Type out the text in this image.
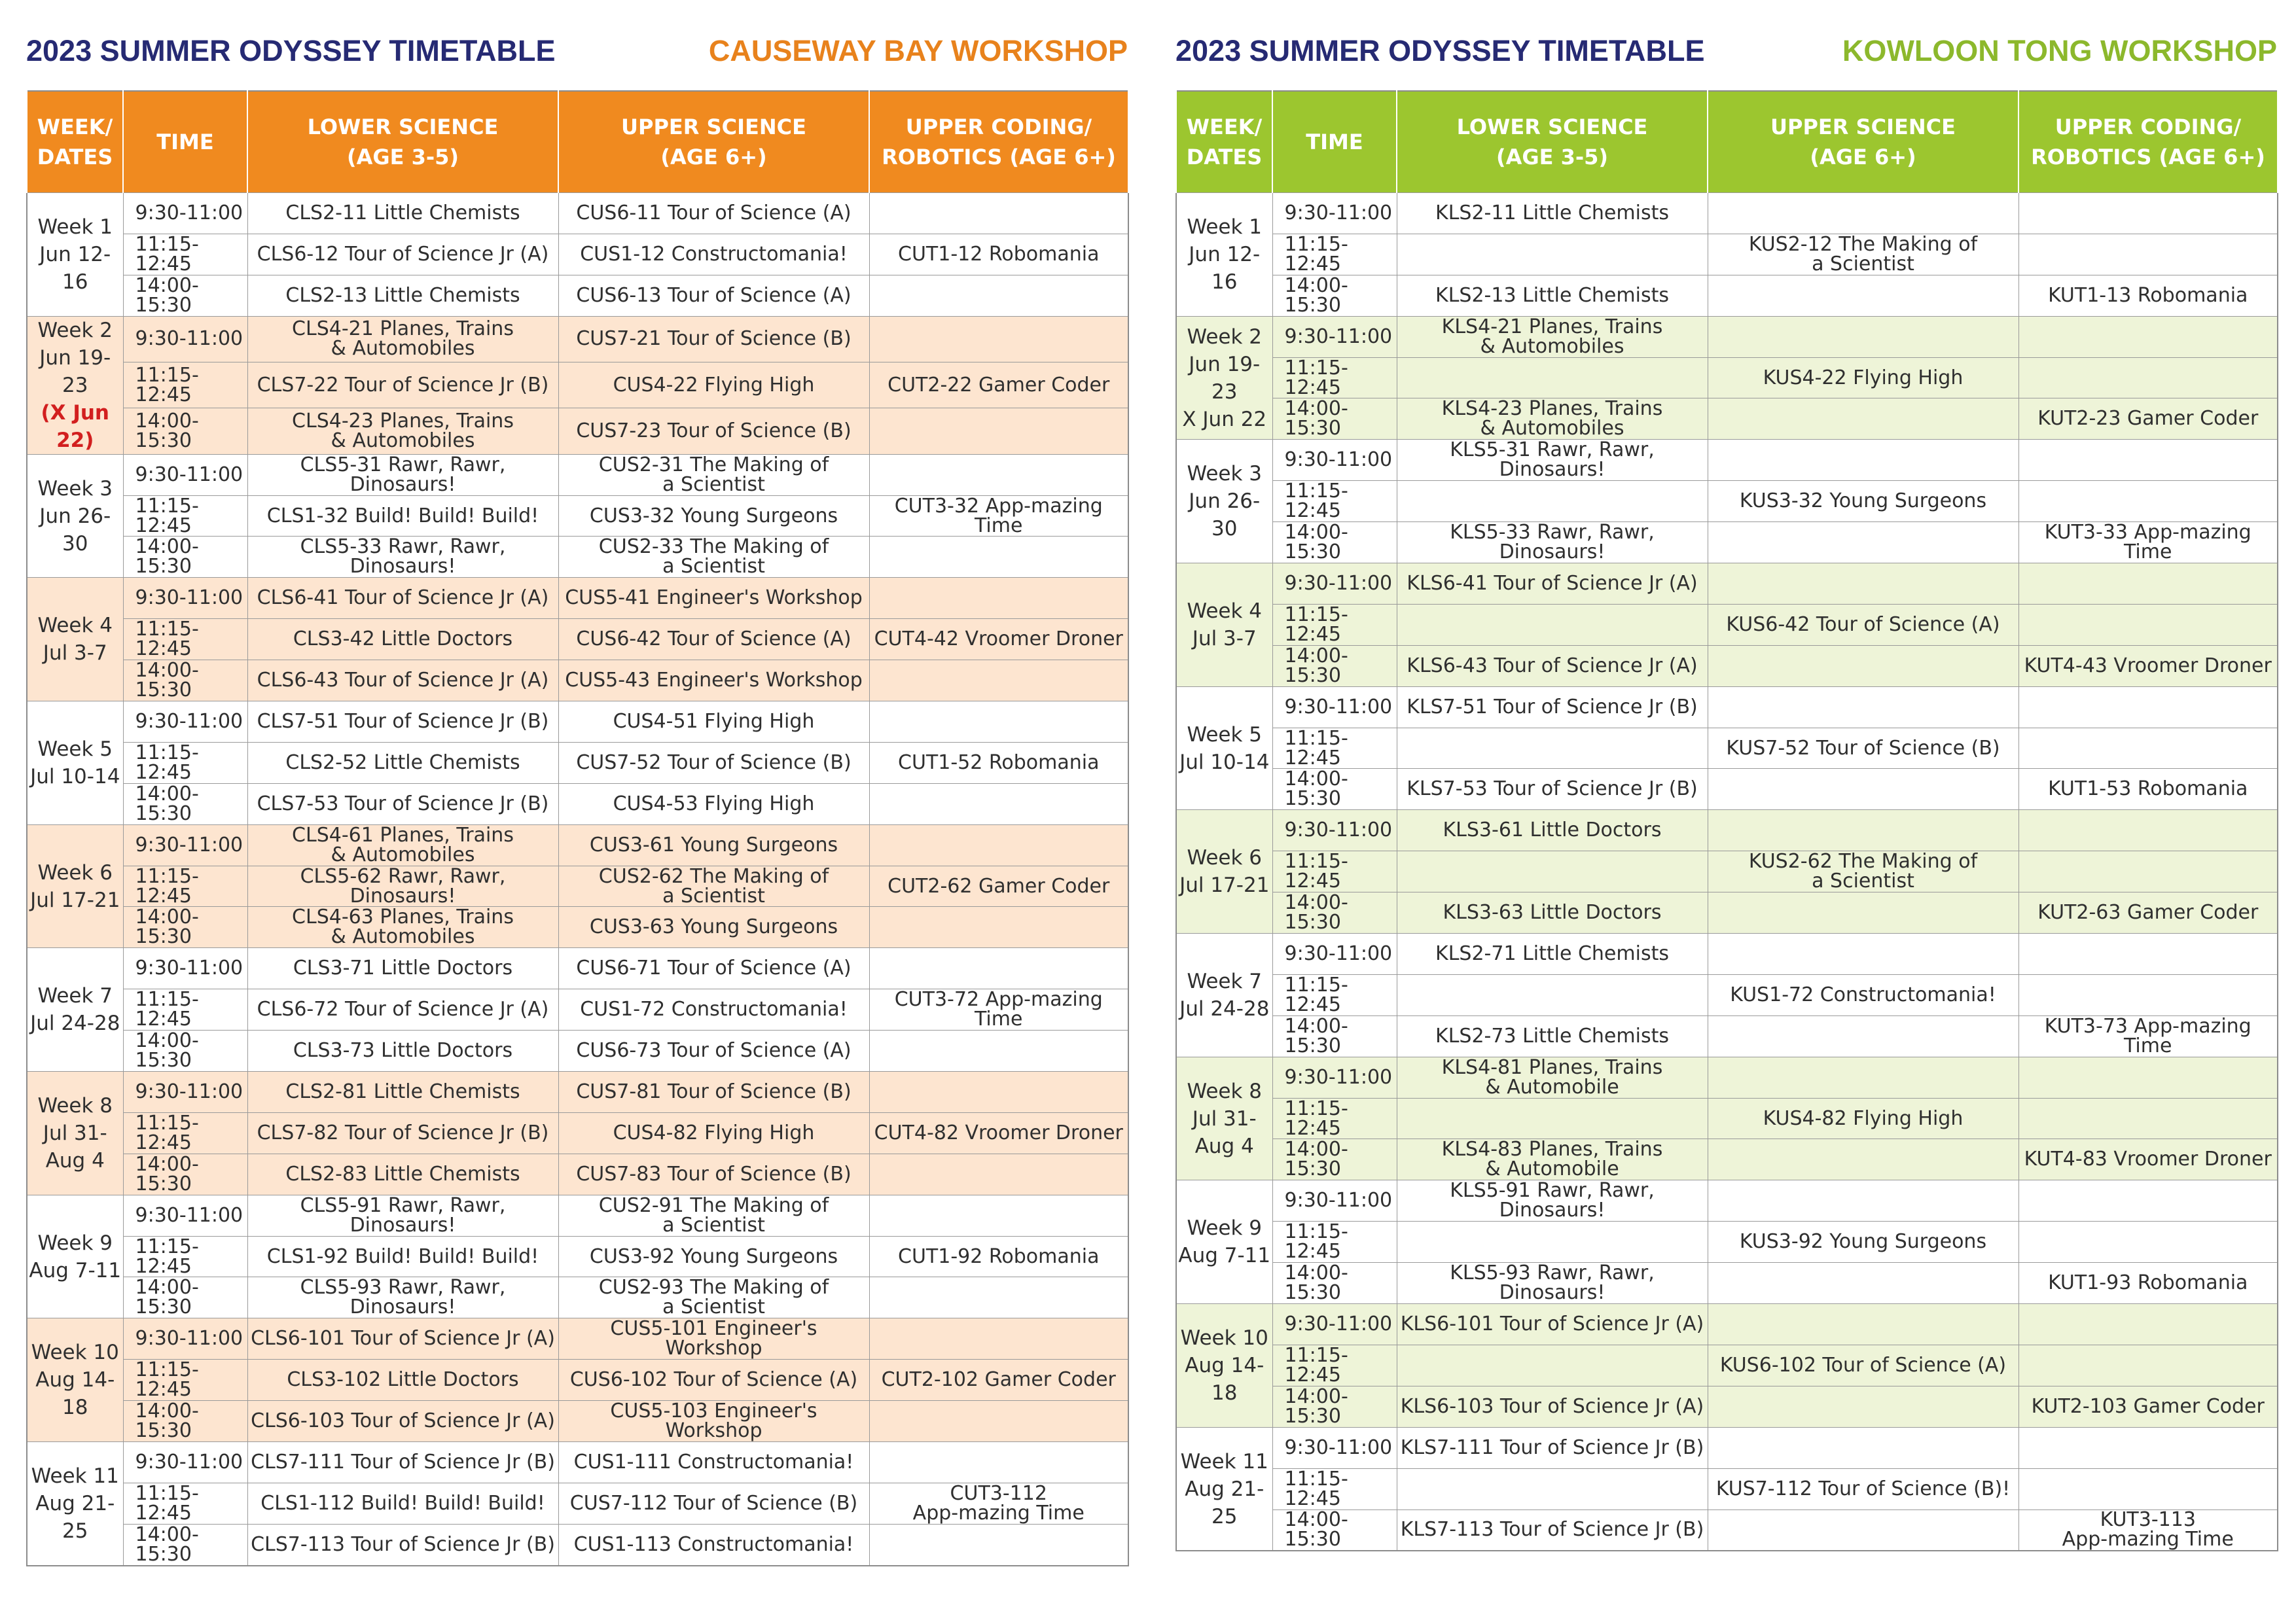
2023 SUMMER ODYSSEY TIMETABLE	CAUSEWAY BAY WORKSHOP
WEEK/
DATES	TIME	LOWER SCIENCE
(AGE 3-5)	UPPER SCIENCE
(AGE 6+)	UPPER CODING/
ROBOTICS (AGE 6+)
Week 1
Jun 12-16	9:30-11:00	CLS2-11 Little Chemists	CUS6-11 Tour of Science (A)	
	11:15-12:45	CLS6-12 Tour of Science Jr (A)	CUS1-12 Constructomania!	CUT1-12 Robomania
	14:00-15:30	CLS2-13 Little Chemists	CUS6-13 Tour of Science (A)	
Week 2
Jun 19-23
(X Jun 22)	9:30-11:00	CLS4-21 Planes, Trains
& Automobiles	CUS7-21 Tour of Science (B)	
	11:15-12:45	CLS7-22 Tour of Science Jr (B)	CUS4-22 Flying High	CUT2-22 Gamer Coder
	14:00-15:30	CLS4-23 Planes, Trains
& Automobiles	CUS7-23 Tour of Science (B)	
Week 3
Jun 26-30	9:30-11:00	CLS5-31 Rawr, Rawr, Dinosaurs!	CUS2-31 The Making of
a Scientist	
	11:15-12:45	CLS1-32 Build! Build! Build!	CUS3-32 Young Surgeons	CUT3-32 App-mazing Time
	14:00-15:30	CLS5-33 Rawr, Rawr, Dinosaurs!	CUS2-33 The Making of
a Scientist	
Week 4
Jul 3-7	9:30-11:00	CLS6-41 Tour of Science Jr (A)	CUS5-41 Engineer's Workshop	
	11:15-12:45	CLS3-42 Little Doctors	CUS6-42 Tour of Science (A)	CUT4-42 Vroomer Droner
	14:00-15:30	CLS6-43 Tour of Science Jr (A)	CUS5-43 Engineer's Workshop	
Week 5
Jul 10-14	9:30-11:00	CLS7-51 Tour of Science Jr (B)	CUS4-51 Flying High	
	11:15-12:45	CLS2-52 Little Chemists	CUS7-52 Tour of Science (B)	CUT1-52 Robomania
	14:00-15:30	CLS7-53 Tour of Science Jr (B)	CUS4-53 Flying High	
Week 6
Jul 17-21	9:30-11:00	CLS4-61 Planes, Trains
& Automobiles	CUS3-61 Young Surgeons	
	11:15-12:45	CLS5-62 Rawr, Rawr, Dinosaurs!	CUS2-62 The Making of
a Scientist	CUT2-62 Gamer Coder
	14:00-15:30	CLS4-63 Planes, Trains
& Automobiles	CUS3-63 Young Surgeons	
Week 7
Jul 24-28	9:30-11:00	CLS3-71 Little Doctors	CUS6-71 Tour of Science (A)	
	11:15-12:45	CLS6-72 Tour of Science Jr (A)	CUS1-72 Constructomania!	CUT3-72 App-mazing Time
	14:00-15:30	CLS3-73 Little Doctors	CUS6-73 Tour of Science (A)	
Week 8
Jul 31-
Aug 4	9:30-11:00	CLS2-81 Little Chemists	CUS7-81 Tour of Science (B)	
	11:15-12:45	CLS7-82 Tour of Science Jr (B)	CUS4-82 Flying High	CUT4-82 Vroomer Droner
	14:00-15:30	CLS2-83 Little Chemists	CUS7-83 Tour of Science (B)	
Week 9
Aug 7-11	9:30-11:00	CLS5-91 Rawr, Rawr, Dinosaurs!	CUS2-91 The Making of
a Scientist	
	11:15-12:45	CLS1-92 Build! Build! Build!	CUS3-92 Young Surgeons	CUT1-92 Robomania
	14:00-15:30	CLS5-93 Rawr, Rawr, Dinosaurs!	CUS2-93 The Making of
a Scientist	
Week 10
Aug 14-18	9:30-11:00	CLS6-101 Tour of Science Jr (A)	CUS5-101 Engineer's Workshop	
	11:15-12:45	CLS3-102 Little Doctors	CUS6-102 Tour of Science (A)	CUT2-102 Gamer Coder
	14:00-15:30	CLS6-103 Tour of Science Jr (A)	CUS5-103 Engineer's Workshop	
Week 11
Aug 21-25	9:30-11:00	CLS7-111 Tour of Science Jr (B)	CUS1-111 Constructomania!	
	11:15-12:45	CLS1-112 Build! Build! Build!	CUS7-112 Tour of Science (B)	CUT3-112
App-mazing Time
	14:00-15:30	CLS7-113 Tour of Science Jr (B)	CUS1-113 Constructomania!	
2023 SUMMER ODYSSEY TIMETABLE	KOWLOON TONG WORKSHOP
WEEK/
DATES	TIME	LOWER SCIENCE
(AGE 3-5)	UPPER SCIENCE
(AGE 6+)	UPPER CODING/
ROBOTICS (AGE 6+)
Week 1
Jun 12-16	9:30-11:00	KLS2-11 Little Chemists		
	11:15-12:45		KUS2-12 The Making of
a Scientist	
	14:00-15:30	KLS2-13 Little Chemists		KUT1-13 Robomania
Week 2
Jun 19-23
X Jun 22	9:30-11:00	KLS4-21 Planes, Trains
& Automobiles		
	11:15-12:45		KUS4-22 Flying High	
	14:00-15:30	KLS4-23 Planes, Trains
& Automobiles		KUT2-23 Gamer Coder
Week 3
Jun 26-30	9:30-11:00	KLS5-31 Rawr, Rawr, Dinosaurs!		
	11:15-12:45		KUS3-32 Young Surgeons	
	14:00-15:30	KLS5-33 Rawr, Rawr, Dinosaurs!		KUT3-33 App-mazing Time
Week 4
Jul 3-7	9:30-11:00	KLS6-41 Tour of Science Jr (A)		
	11:15-12:45		KUS6-42 Tour of Science (A)	
	14:00-15:30	KLS6-43 Tour of Science Jr (A)		KUT4-43 Vroomer Droner
Week 5
Jul 10-14	9:30-11:00	KLS7-51 Tour of Science Jr (B)		
	11:15-12:45		KUS7-52 Tour of Science (B)	
	14:00-15:30	KLS7-53 Tour of Science Jr (B)		KUT1-53 Robomania
Week 6
Jul 17-21	9:30-11:00	KLS3-61 Little Doctors		
	11:15-12:45		KUS2-62 The Making of
a Scientist	
	14:00-15:30	KLS3-63 Little Doctors		KUT2-63 Gamer Coder
Week 7
Jul 24-28	9:30-11:00	KLS2-71 Little Chemists		
	11:15-12:45		KUS1-72 Constructomania!	
	14:00-15:30	KLS2-73 Little Chemists		KUT3-73 App-mazing Time
Week 8
Jul 31-
Aug 4	9:30-11:00	KLS4-81 Planes, Trains
& Automobile		
	11:15-12:45		KUS4-82 Flying High	
	14:00-15:30	KLS4-83 Planes, Trains
& Automobile		KUT4-83 Vroomer Droner
Week 9
Aug 7-11	9:30-11:00	KLS5-91 Rawr, Rawr, Dinosaurs!		
	11:15-12:45		KUS3-92 Young Surgeons	
	14:00-15:30	KLS5-93 Rawr, Rawr, Dinosaurs!		KUT1-93 Robomania
Week 10
Aug 14-18	9:30-11:00	KLS6-101 Tour of Science Jr (A)		
	11:15-12:45		KUS6-102 Tour of Science (A)	
	14:00-15:30	KLS6-103 Tour of Science Jr (A)		KUT2-103 Gamer Coder
Week 11
Aug 21-25	9:30-11:00	KLS7-111 Tour of Science Jr (B)		
	11:15-12:45		KUS7-112 Tour of Science (B)!	
	14:00-15:30	KLS7-113 Tour of Science Jr (B)		KUT3-113
App-mazing Time
